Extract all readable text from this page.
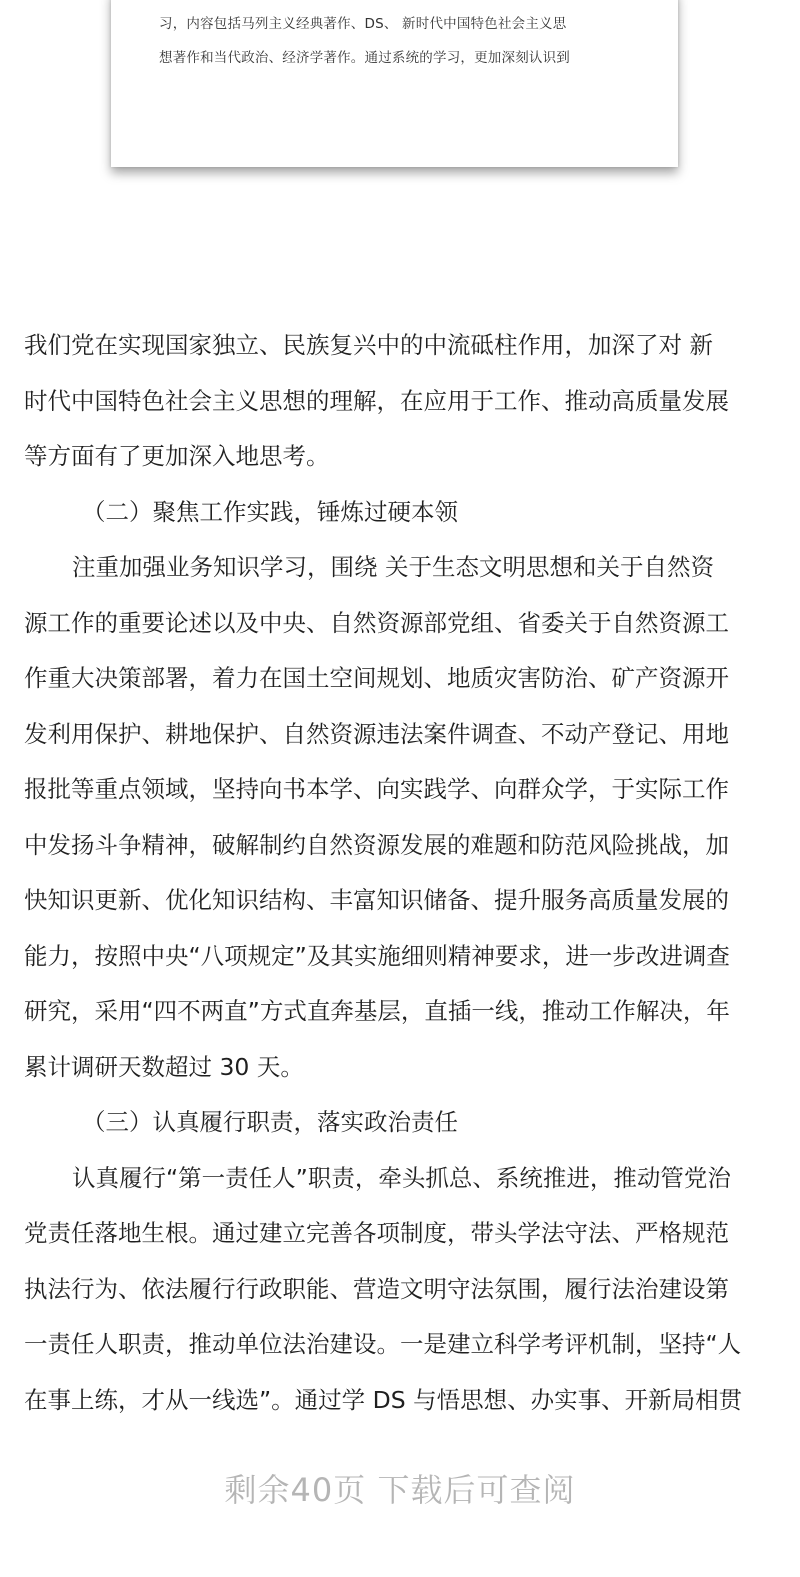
习，内容包括马列主义经典著作、DS、 新时代中国特色社会主义思

想著作和当代政治、经济学著作。通过系统的学习，更加深刻认识到

我们党在实现国家独立、民族复兴中的中流砥柱作用，加深了对 新
时代中国特色社会主义思想的理解，在应用于工作、推动高质量发展
等方面有了更加深入地思考。
（二）聚焦工作实践，锤炼过硬本领
注重加强业务知识学习，围绕 关于生态文明思想和关于自然资
源工作的重要论述以及中央、自然资源部党组、省委关于自然资源工
作重大决策部署，着力在国土空间规划、地质灾害防治、矿产资源开
发利用保护、耕地保护、自然资源违法案件调查、不动产登记、用地
报批等重点领域，坚持向书本学、向实践学、向群众学，于实际工作
中发扬斗争精神，破解制约自然资源发展的难题和防范风险挑战，加
快知识更新、优化知识结构、丰富知识储备、提升服务高质量发展的
能力，按照中央“八项规定”及其实施细则精神要求，进一步改进调查
研究，采用“四不两直”方式直奔基层，直插一线，推动工作解决，年
累计调研天数超过 30 天。
（三）认真履行职责，落实政治责任
认真履行“第一责任人”职责，牵头抓总、系统推进，推动管党治
党责任落地生根。通过建立完善各项制度，带头学法守法、严格规范
执法行为、依法履行行政职能、营造文明守法氛围，履行法治建设第
一责任人职责，推动单位法治建设。一是建立科学考评机制，坚持“人
在事上练，才从一线选”。通过学 DS 与悟思想、办实事、开新局相贯
剩余40页 下载后可查阅
